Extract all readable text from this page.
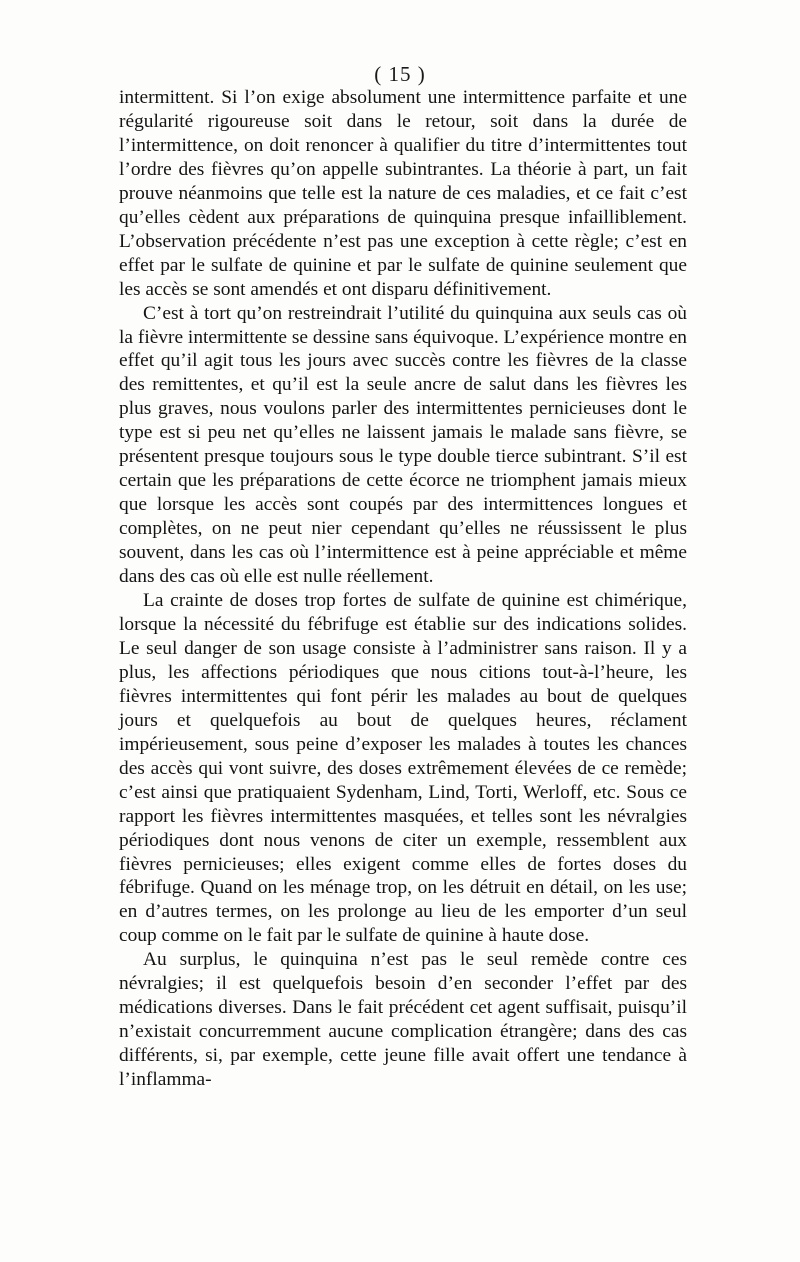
( 15 )

intermittent. Si l’on exige absolument une intermittence parfaite et une régularité rigoureuse soit dans le retour, soit dans la durée de l’intermittence, on doit renoncer à qualifier du titre d’intermittentes tout l’ordre des fièvres qu’on appelle subintrantes. La théorie à part, un fait prouve néanmoins que telle est la nature de ces maladies, et ce fait c’est qu’elles cèdent aux préparations de quinquina presque infailliblement. L’observation précédente n’est pas une exception à cette règle; c’est en effet par le sulfate de quinine et par le sulfate de quinine seulement que les accès se sont amendés et ont disparu définitivement.

C’est à tort qu’on restreindrait l’utilité du quinquina aux seuls cas où la fièvre intermittente se dessine sans équivoque. L’expérience montre en effet qu’il agit tous les jours avec succès contre les fièvres de la classe des remittentes, et qu’il est la seule ancre de salut dans les fièvres les plus graves, nous voulons parler des intermittentes pernicieuses dont le type est si peu net qu’elles ne laissent jamais le malade sans fièvre, se présentent presque toujours sous le type double tierce subintrant. S’il est certain que les préparations de cette écorce ne triomphent jamais mieux que lorsque les accès sont coupés par des intermittences longues et complètes, on ne peut nier cependant qu’elles ne réussissent le plus souvent, dans les cas où l’intermittence est à peine appréciable et même dans des cas où elle est nulle réellement.

La crainte de doses trop fortes de sulfate de quinine est chimérique, lorsque la nécessité du fébrifuge est établie sur des indications solides. Le seul danger de son usage consiste à l’administrer sans raison. Il y a plus, les affections périodiques que nous citions tout-à-l’heure, les fièvres intermittentes qui font périr les malades au bout de quelques jours et quelquefois au bout de quelques heures, réclament impérieusement, sous peine d’exposer les malades à toutes les chances des accès qui vont suivre, des doses extrêmement élevées de ce remède; c’est ainsi que pratiquaient Sydenham, Lind, Torti, Werloff, etc. Sous ce rapport les fièvres intermittentes masquées, et telles sont les névralgies périodiques dont nous venons de citer un exemple, ressemblent aux fièvres pernicieuses; elles exigent comme elles de fortes doses du fébrifuge. Quand on les ménage trop, on les détruit en détail, on les use; en d’autres termes, on les prolonge au lieu de les emporter d’un seul coup comme on le fait par le sulfate de quinine à haute dose.

Au surplus, le quinquina n’est pas le seul remède contre ces névralgies; il est quelquefois besoin d’en seconder l’effet par des médications diverses. Dans le fait précédent cet agent suffisait, puisqu’il n’existait concurremment aucune complication étrangère; dans des cas différents, si, par exemple, cette jeune fille avait offert une tendance à l’inflamma-
